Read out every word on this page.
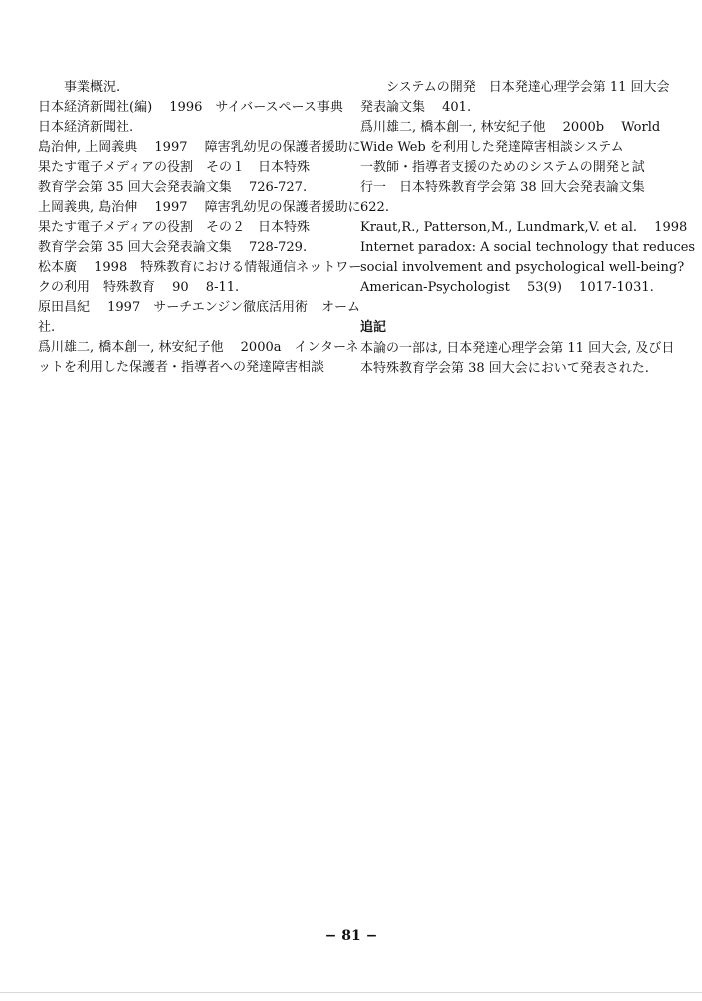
　　事業概況.

日本経済新聞社(編)　 1996　サイバースペース事典
日本経済新聞社.

島治伸, 上岡義典　 1997　 障害乳幼児の保護者援助に
果たす電子メディアの役割　その１　日本特殊
教育学会第 35 回大会発表論文集　 726-727.

上岡義典, 島治伸　 1997　 障害乳幼児の保護者援助に
果たす電子メディアの役割　その２　日本特殊
教育学会第 35 回大会発表論文集　 728-729.

松本廣　 1998　特殊教育における情報通信ネットワー
クの利用　特殊教育　 90　 8-11.

原田昌紀　 1997　サーチエンジン徹底活用術　オーム
社.

爲川雄二, 橋本創一, 林安紀子他　 2000a　インターネ
ットを利用した保護者・指導者への発達障害相談

　　システムの開発　日本発達心理学会第 11 回大会
発表論文集　 401.

爲川雄二, 橋本創一, 林安紀子他　 2000b　 World
Wide Web を利用した発達障害相談システム
一教師・指導者支援のためのシステムの開発と試
行一　日本特殊教育学会第 38 回大会発表論文集
622.

Kraut,R., Patterson,M., Lundmark,V. et al.　 1998
Internet paradox: A social technology that reduces
social involvement and psychological well-being?
American-Psychologist　 53(9)　 1017-1031.

追記

本論の一部は, 日本発達心理学会第 11 回大会, 及び日
本特殊教育学会第 38 回大会において発表された.

− 81 −
